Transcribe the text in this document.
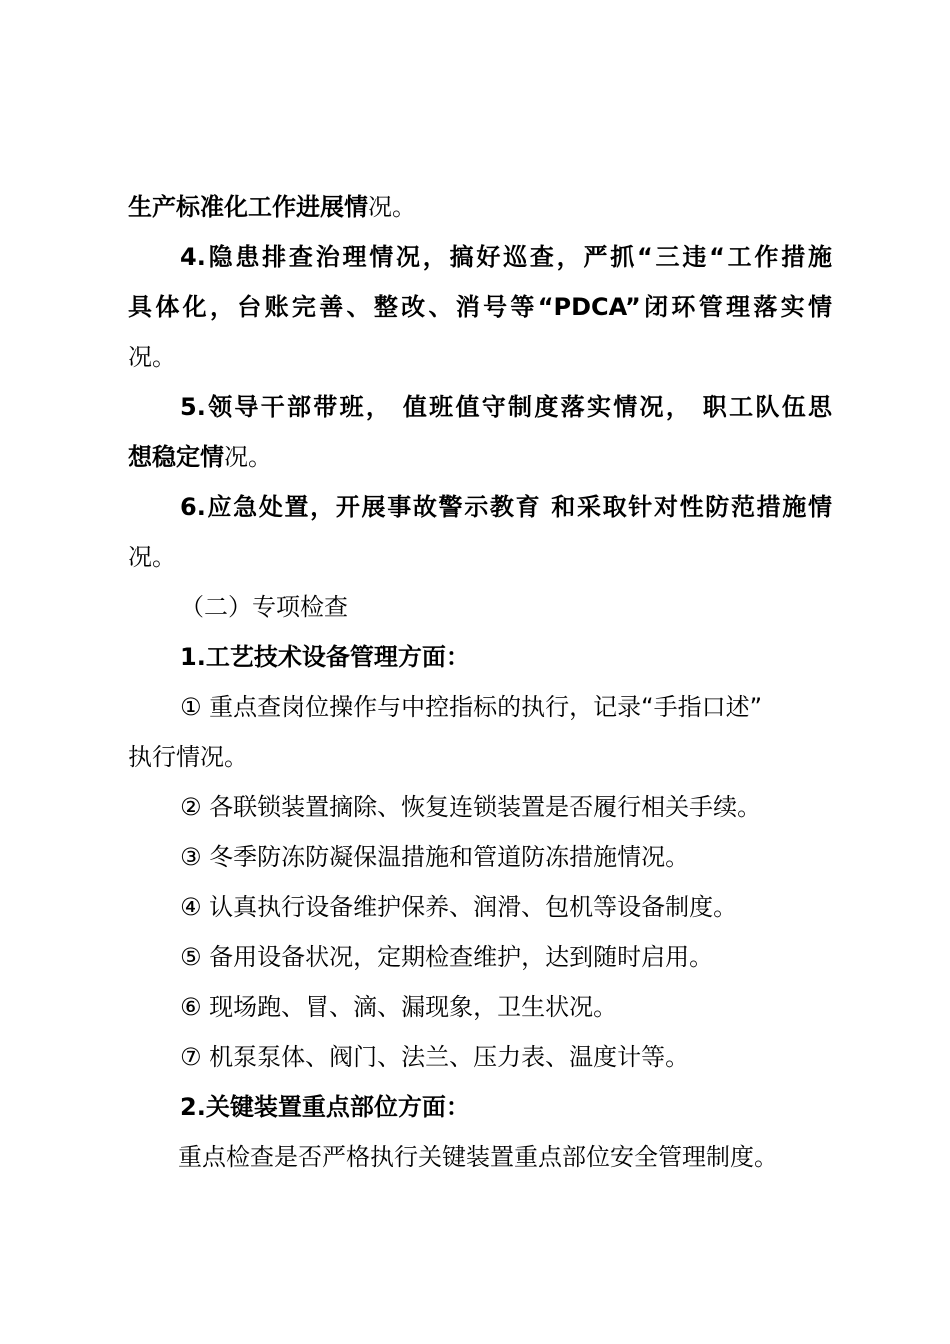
生产标准化工作进展情况。
4.隐患排查治理情况，搞好巡查，严抓“三违“工作措施
具体化，台账完善、整改、消号等“PDCA”闭环管理落实情
况。
5.领导干部带班， 值班值守制度落实情况， 职工队伍思
想稳定情况。
6.应急处置，开展事故警示教育 和采取针对性防范措施情
况。
（二）专项检查
1.工艺技术设备管理方面：
① 重点查岗位操作与中控指标的执行，记录“手指口述”
执行情况。
② 各联锁装置摘除、恢复连锁装置是否履行相关手续。
③ 冬季防冻防凝保温措施和管道防冻措施情况。
④ 认真执行设备维护保养、润滑、包机等设备制度。
⑤ 备用设备状况，定期检查维护，达到随时启用。
⑥ 现场跑、冒、滴、漏现象，卫生状况。
⑦ 机泵泵体、阀门、法兰、压力表、温度计等。
2.关键装置重点部位方面：
重点检查是否严格执行关键装置重点部位安全管理制度。
